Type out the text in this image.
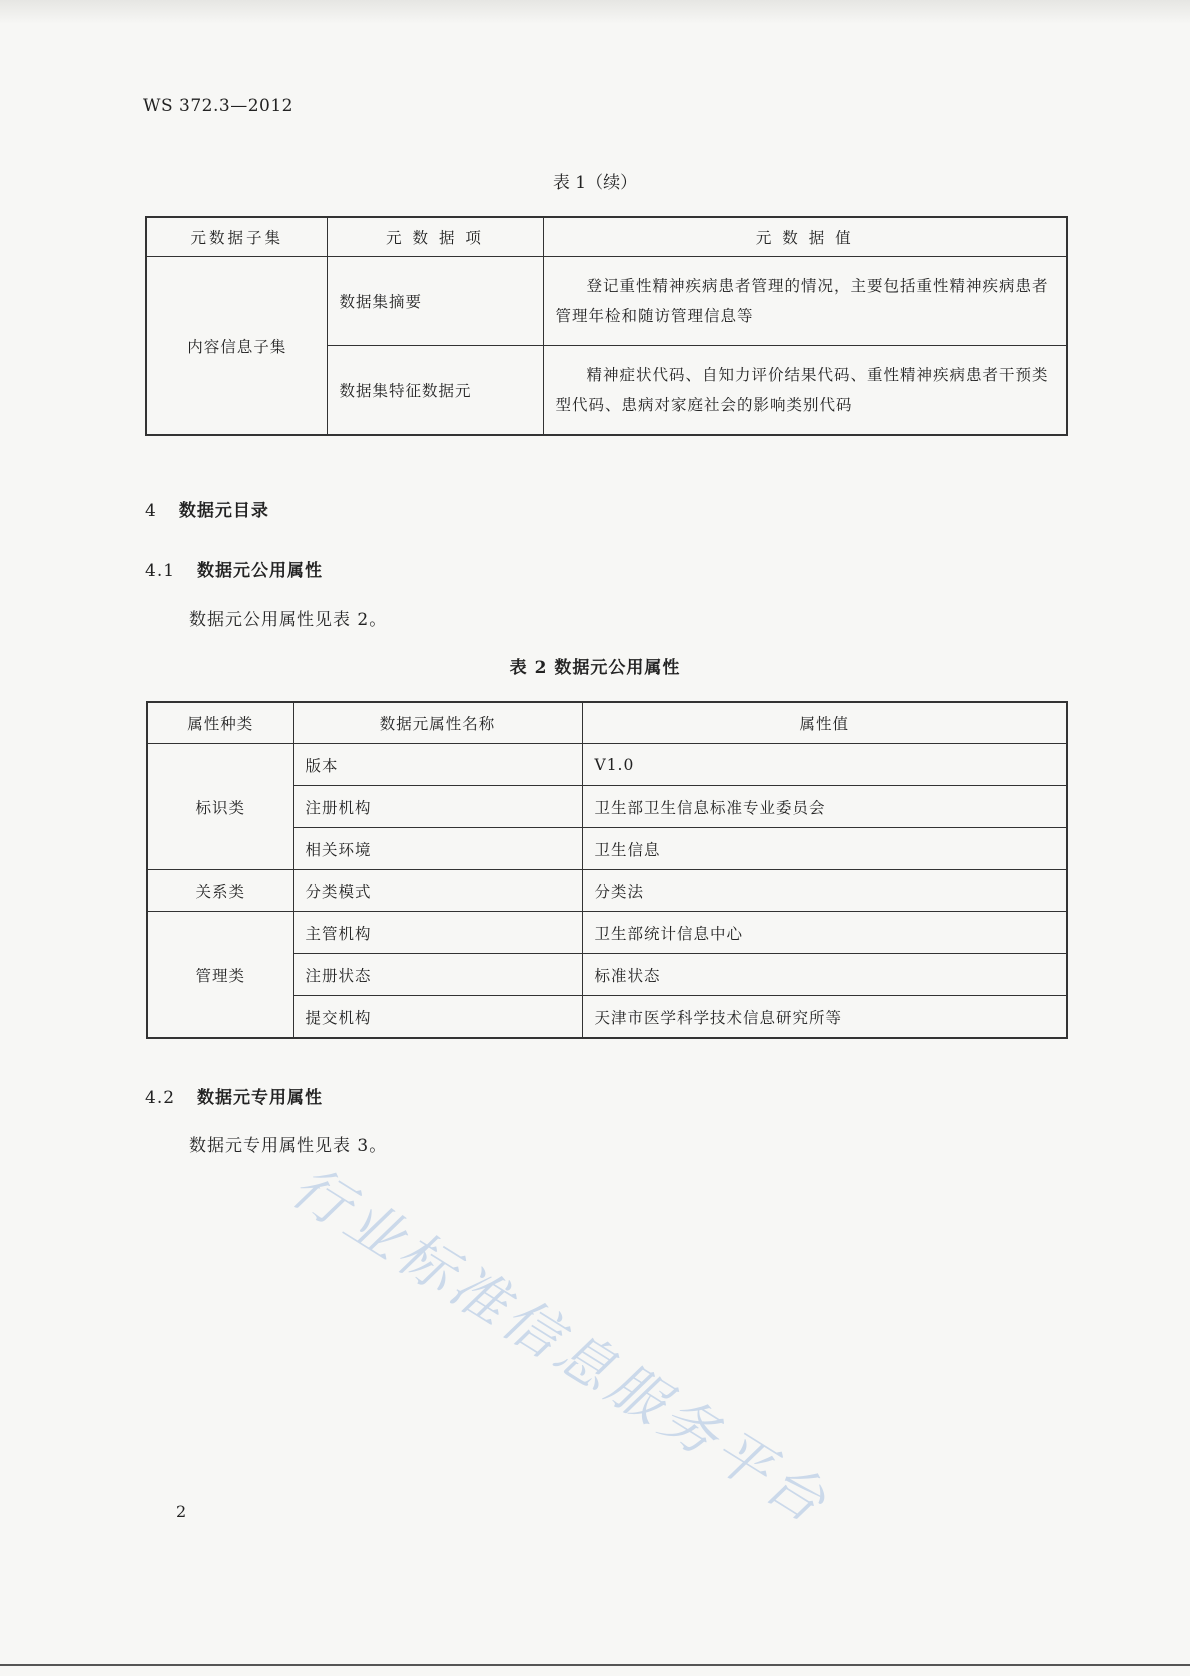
WS 372.3—2012
表 1（续）
元数据子集	元 数 据 项	元 数 据 值
内容信息子集	数据集摘要	登记重性精神疾病患者管理的情况，主要包括重性精神疾病患者管理年检和随访管理信息等

	数据集特征数据元	精神症状代码、自知力评价结果代码、重性精神疾病患者干预类型代码、患病对家庭社会的影响类别代码
4 数据元目录
4.1 数据元公用属性
数据元公用属性见表 2。
表 2 数据元公用属性
属性种类	数据元属性名称	属性值
标识类	版本	V1.0
	注册机构	卫生部卫生信息标准专业委员会
	相关环境	卫生信息
关系类	分类模式	分类法
管理类	主管机构	卫生部统计信息中心
	注册状态	标准状态
	提交机构	天津市医学科学技术信息研究所等
4.2 数据元专用属性
数据元专用属性见表 3。
行业标准信息服务平台
2
